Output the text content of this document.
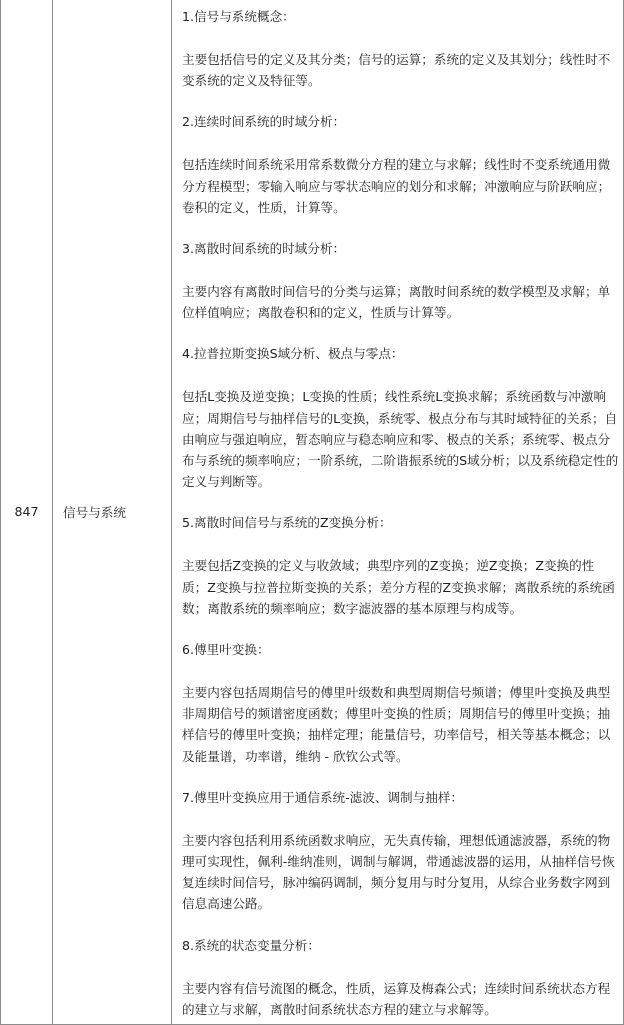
847	信号与系统	

1.信号与系统概念：

主要包括信号的定义及其分类；信号的运算；系统的定义及其划分；线性时不变系统的定义及特征等。

2.连续时间系统的时域分析：

包括连续时间系统采用常系数微分方程的建立与求解；线性时不变系统通用微分方程模型；零输入响应与零状态响应的划分和求解；冲激响应与阶跃响应；卷积的定义，性质，计算等。

3.离散时间系统的时域分析：

主要内容有离散时间信号的分类与运算；离散时间系统的数学模型及求解；单位样值响应；离散卷积和的定义，性质与计算等。

4.拉普拉斯变换S域分析、极点与零点：

包括L变换及逆变换；L变换的性质；线性系统L变换求解；系统函数与冲激响应；周期信号与抽样信号的L变换，系统零、极点分布与其时域特征的关系；自由响应与强迫响应，暂态响应与稳态响应和零、极点的关系；系统零、极点分布与系统的频率响应；一阶系统，二阶谐振系统的S域分析；以及系统稳定性的定义与判断等。

5.离散时间信号与系统的Z变换分析：

主要包括Z变换的定义与收敛域；典型序列的Z变换；逆Z变换；Z变换的性质；Z变换与拉普拉斯变换的关系；差分方程的Z变换求解；离散系统的系统函数；离散系统的频率响应；数字滤波器的基本原理与构成等。

6.傅里叶变换：

主要内容包括周期信号的傅里叶级数和典型周期信号频谱；傅里叶变换及典型非周期信号的频谱密度函数；傅里叶变换的性质；周期信号的傅里叶变换；抽样信号的傅里叶变换；抽样定理；能量信号，功率信号，相关等基本概念；以及能量谱，功率谱，维纳 - 欣钦公式等。

7.傅里叶变换应用于通信系统-滤波、调制与抽样：

主要内容包括利用系统函数求响应，无失真传输，理想低通滤波器，系统的物理可实现性，佩利-维纳准则，调制与解调，带通滤波器的运用，从抽样信号恢复连续时间信号，脉冲编码调制，频分复用与时分复用，从综合业务数字网到信息高速公路。

8.系统的状态变量分析：

主要内容有信号流图的概念，性质，运算及梅森公式；连续时间系统状态方程的建立与求解，离散时间系统状态方程的建立与求解等。
